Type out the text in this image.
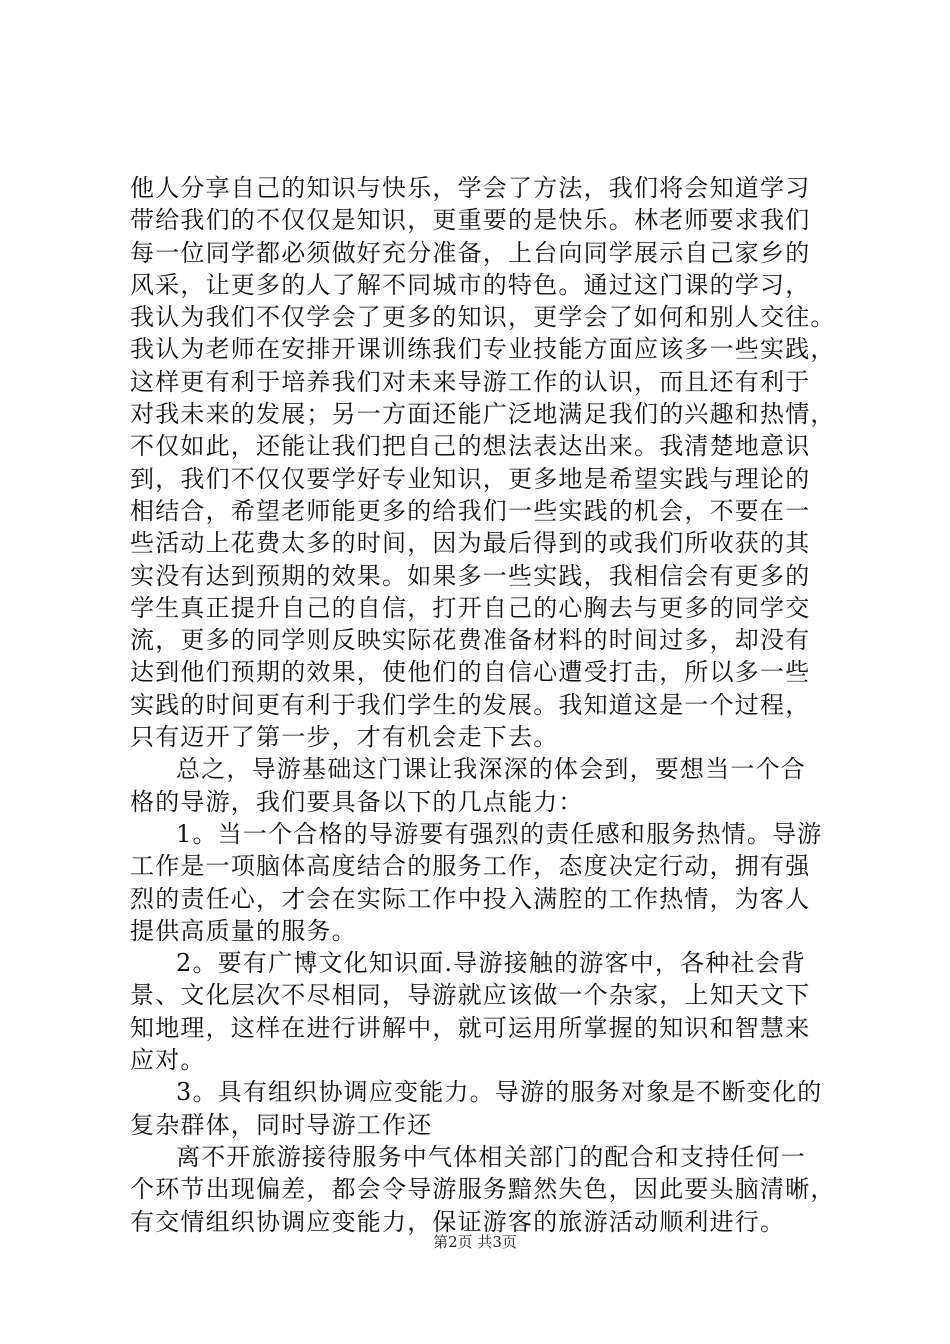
他人分享自己的知识与快乐，学会了方法，我们将会知道学习
带给我们的不仅仅是知识，更重要的是快乐。林老师要求我们
每一位同学都必须做好充分准备，上台向同学展示自己家乡的
风采，让更多的人了解不同城市的特色。通过这门课的学习，
我认为我们不仅学会了更多的知识，更学会了如何和别人交往。
我认为老师在安排开课训练我们专业技能方面应该多一些实践，
这样更有利于培养我们对未来导游工作的认识，而且还有利于
对我未来的发展；另一方面还能广泛地满足我们的兴趣和热情，
不仅如此，还能让我们把自己的想法表达出来。我清楚地意识
到，我们不仅仅要学好专业知识，更多地是希望实践与理论的
相结合，希望老师能更多的给我们一些实践的机会，不要在一
些活动上花费太多的时间，因为最后得到的或我们所收获的其
实没有达到预期的效果。如果多一些实践，我相信会有更多的
学生真正提升自己的自信，打开自己的心胸去与更多的同学交
流，更多的同学则反映实际花费准备材料的时间过多，却没有
达到他们预期的效果，使他们的自信心遭受打击，所以多一些
实践的时间更有利于我们学生的发展。我知道这是一个过程，
只有迈开了第一步，才有机会走下去。
总之，导游基础这门课让我深深的体会到，要想当一个合
格的导游，我们要具备以下的几点能力：
1。当一个合格的导游要有强烈的责任感和服务热情。导游
工作是一项脑体高度结合的服务工作，态度决定行动，拥有强
烈的责任心，才会在实际工作中投入满腔的工作热情，为客人
提供高质量的服务。
2。要有广博文化知识面.导游接触的游客中，各种社会背
景、文化层次不尽相同，导游就应该做一个杂家，上知天文下
知地理，这样在进行讲解中，就可运用所掌握的知识和智慧来
应对。
3。具有组织协调应变能力。导游的服务对象是不断变化的
复杂群体，同时导游工作还
离不开旅游接待服务中气体相关部门的配合和支持任何一
个环节出现偏差，都会令导游服务黯然失色，因此要头脑清晰，
有交情组织协调应变能力，保证游客的旅游活动顺利进行。
第2页 共3页
